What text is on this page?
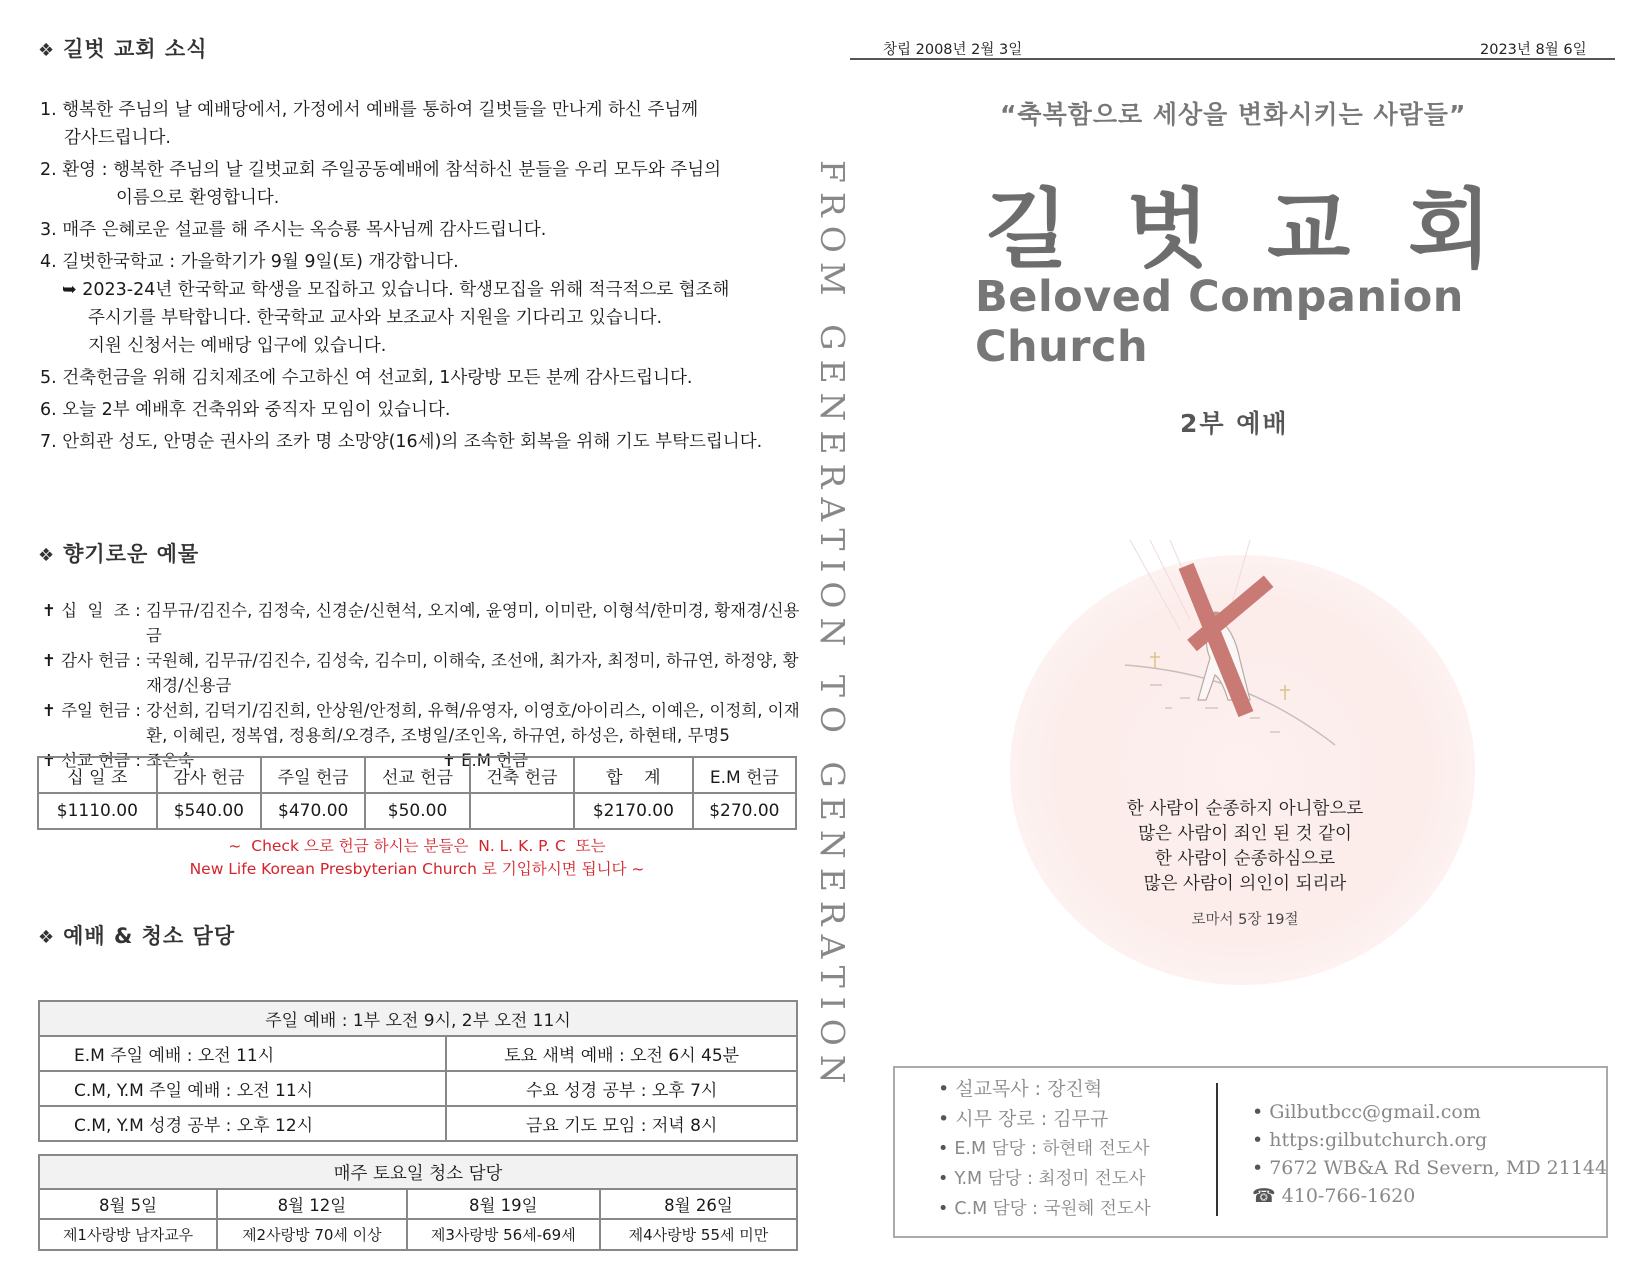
❖ 길벗 교회 소식
1. 행복한 주님의 날 예배당에서, 가정에서 예배를 통하여 길벗들을 만나게 하신 주님께
감사드립니다.
2. 환영 : 행복한 주님의 날 길벗교회 주일공동예배에 참석하신 분들을 우리 모두와 주님의
이름으로 환영합니다.
3. 매주 은혜로운 설교를 해 주시는 옥승룡 목사님께 감사드립니다.
4. 길벗한국학교 : 가을학기가 9월 9일(토) 개강합니다.
➥ 2023-24년 한국학교 학생을 모집하고 있습니다. 학생모집을 위해 적극적으로 협조해
주시기를 부탁합니다. 한국학교 교사와 보조교사 지원을 기다리고 있습니다.
지원 신청서는 예배당 입구에 있습니다.
5. 건축헌금을 위해 김치제조에 수고하신 여 선교회, 1사랑방 모든 분께 감사드립니다.
6. 오늘 2부 예배후 건축위와 중직자 모임이 있습니다.
7. 안희관 성도, 안명순 권사의 조카 명 소망양(16세)의 조속한 회복을 위해 기도 부탁드립니다.
❖ 향기로운 예물
✝ 십  일  조 : 김무규/김진수, 김정숙, 신경순/신현석, 오지예, 윤영미, 이미란, 이형석/한미경, 황재경/신용금
✝ 감사 헌금 : 국원혜, 김무규/김진수, 김성숙, 김수미, 이해숙, 조선애, 최가자, 최정미, 하규연, 하정양, 황재경/신용금
✝ 주일 헌금 : 강선희, 김덕기/김진희, 안상원/안정희, 유혁/유영자, 이영호/아이리스, 이예은, 이정희, 이재환, 이혜린, 정복엽, 정용희/오경주, 조병일/조인옥, 하규연, 하성은, 하현태, 무명5
✝ 선교 헌금 : 조은숙	✝ E.M 헌금
십 일 조	감사 헌금	주일 헌금	선교 헌금	건축 헌금	합    계	E.M 헌금
$1110.00	$540.00	$470.00	$50.00		$2170.00	$270.00
~  Check 으로 헌금 하시는 분들은  N. L. K. P. C  또는
New Life Korean Presbyterian Church 로 기입하시면 됩니다 ~
❖ 예배 & 청소 담당
주일 예배 : 1부 오전 9시, 2부 오전 11시	
E.M 주일 예배 : 오전 11시	토요 새벽 예배 : 오전 6시 45분
C.M, Y.M 주일 예배 : 오전 11시	수요 성경 공부 : 오후 7시
C.M, Y.M 성경 공부 : 오후 12시	금요 기도 모임 : 저녁 8시
매주 토요일 청소 담당			
8월 5일	8월 12일	8월 19일	8월 26일
제1사랑방 남자교우	제2사랑방 70세 이상	제3사랑방 56세-69세	제4사랑방 55세 미만
FROM GENERATION TO GENERATION
창립 2008년 2월 3일	2023년 8월 6일
“축복함으로 세상을 변화시키는 사람들”
길벗교회
Beloved Companion Church
2부 예배
한 사람이 순종하지 아니함으로
많은 사람이 죄인 된 것 같이
한 사람이 순종하심으로
많은 사람이 의인이 되리라
로마서 5장 19절
• 설교목사 : 장진혁
• 시무 장로 : 김무규
• E.M 담당 : 하현태 전도사
• Y.M 담당 : 최정미 전도사
• C.M 담당 : 국원혜 전도사
• Gilbutbcc@gmail.com
• https:gilbutchurch.org
• 7672 WB&A Rd Severn, MD 21144
☎ 410-766-1620
